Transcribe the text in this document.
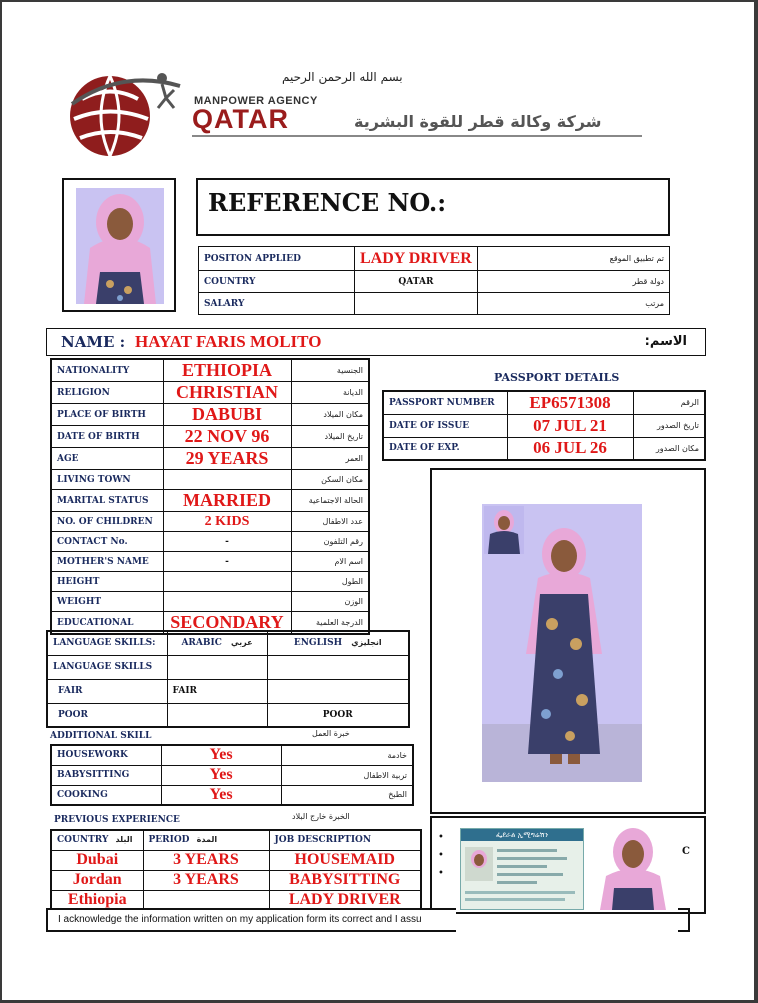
بسم الله الرحمن الرحيم
MANPOWER AGENCY
QATAR	شركة وكالة قطر للقوة البشرية
REFERENCE NO.:
POSITON APPLIED	LADY DRIVER	تم تطبيق الموقع
COUNTRY	QATAR	دولة قطر
SALARY		مرتب
NAME : HAYAT FARIS MOLITO	الاسم:
NATIONALITY	ETHIOPIA	الجنسية
RELIGION	CHRISTIAN	الديانة
PLACE OF BIRTH	DABUBI	مكان الميلاد
DATE OF BIRTH	22 NOV 96	تاريخ الميلاد
AGE	29 YEARS	العمر
LIVING TOWN		مكان السكن
MARITAL STATUS	MARRIED	الحالة الاجتماعية
NO. OF CHILDREN	2 KIDS	عدد الاطفال
CONTACT No.	-	رقم التلفون
MOTHER'S NAME	-	اسم الام
HEIGHT		الطول
WEIGHT		الوزن
EDUCATIONAL	SECONDARY	الدرجة العلمية
PASSPORT DETAILS
PASSPORT NUMBER	EP6571308	الرقم
DATE OF ISSUE	07 JUL 21	تاريخ الصدور
DATE OF EXP.	06 JUL 26	مكان الصدور
LANGUAGE SKILLS:	ARABIC عربي	ENGLISH انجليزي
LANGUAGE SKILLS		
FAIR	FAIR	
POOR		POOR
ADDITIONAL SKILL	خبرة العمل
HOUSEWORK	Yes	خادمة
BABYSITTING	Yes	تربية الاطفال
COOKING	Yes	الطبخ
PREVIOUS EXPERIENCE	الخبرة خارج البلاد
COUNTRY البلد	PERIOD المدة	JOB DESCRIPTION
Dubai	3 YEARS	HOUSEMAID
Jordan	3 YEARS	BABYSITTING
Ethiopia		LADY DRIVER
•
•
•
ፌደራል ኢሚግሬሽን
C
I acknowledge the information written on my application form its correct and I assu
